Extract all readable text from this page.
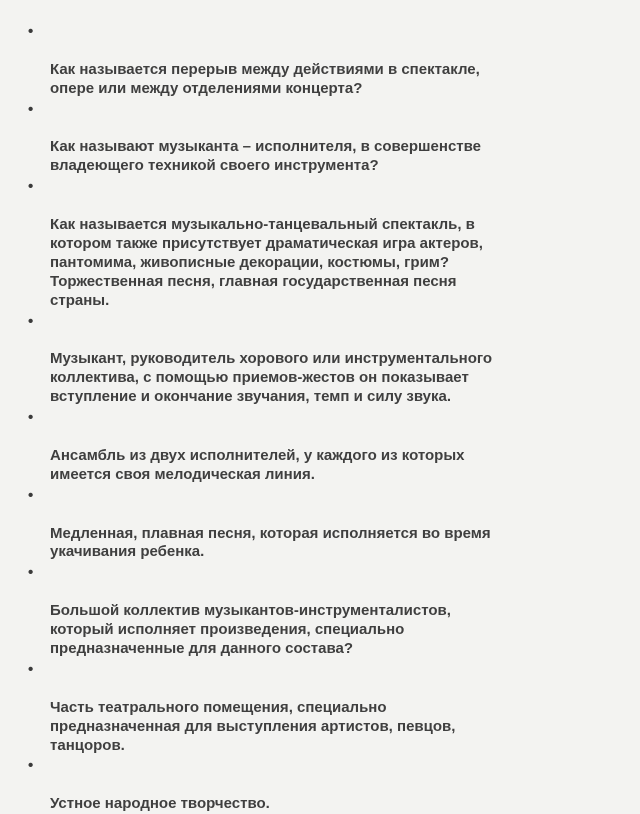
•

Как называется перерыв между действиями в спектакле,
опере или между отделениями концерта?

•

Как называют музыканта – исполнителя, в совершенстве
владеющего техникой своего инструмента?

•

Как называется музыкально-танцевальный спектакль, в
котором также присутствует драматическая игра актеров,
пантомима, живописные декорации, костюмы, грим?
Торжественная песня, главная государственная песня
страны.

•

Музыкант, руководитель хорового или инструментального
коллектива, с помощью приемов-жестов он показывает
вступление и окончание звучания, темп и силу звука.

•

Ансамбль из двух исполнителей, у каждого из которых
имеется своя мелодическая линия.

•

Медленная, плавная песня, которая исполняется во время
укачивания ребенка.

•

Большой коллектив музыкантов-инструменталистов,
который исполняет произведения, специально
предназначенные для данного состава?

•

Часть театрального помещения, специально
предназначенная для выступления артистов, певцов,
танцоров.

•

Устное народное творчество.
